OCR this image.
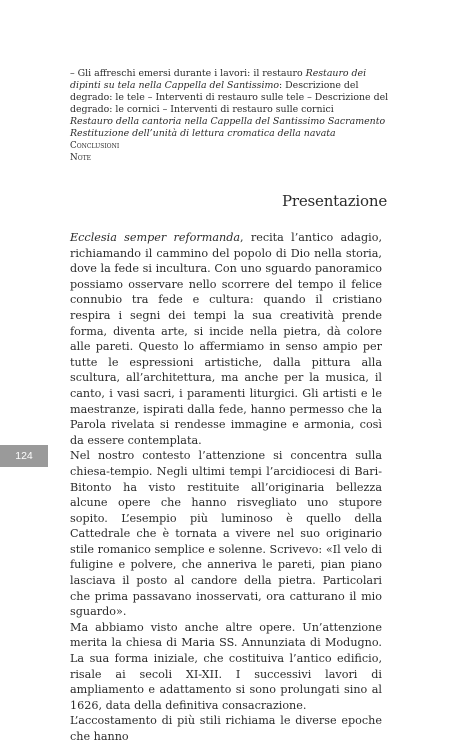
– Gli affreschi emersi durante i lavori: il restauro Restauro dei dipinti su tela nella Cappella del Santissimo: Descrizione del degrado: le tele – Interventi di restauro sulle tele – Descrizione del degrado: le cornici – Interventi di restauro sulle cornici

Restauro della cantoria nella Cappella del Santissimo Sacramento

Restituzione dell’unità di lettura cromatica della navata

Conclusioni
Note
Presentazione

Ecclesia semper reformanda, recita l’antico adagio, richiamando il cammino del popolo di Dio nella storia, dove la fede si incultura. Con uno sguardo panoramico possiamo osservare nello scorrere del tempo il felice connubio tra fede e cultura: quando il cristiano respira i segni dei tempi la sua creatività prende forma, diventa arte, si incide nella pietra, dà colore alle pareti. Questo lo affermiamo in senso ampio per tutte le espressioni artistiche, dalla pittura alla scultura, all’architettura, ma anche per la musica, il canto, i vasi sacri, i paramenti liturgici. Gli artisti e le maestranze, ispirati dalla fede, hanno permesso che la Parola rivelata si rendesse immagine e armonia, così da essere contemplata.

Nel nostro contesto l’attenzione si concentra sulla chiesa-tempio. Negli ultimi tempi l’arcidiocesi di Bari-Bitonto ha visto restituite all’originaria bellezza alcune opere che hanno risvegliato uno stupore sopito. L’esempio più luminoso è quello della Cattedrale che è tornata a vivere nel suo originario stile romanico semplice e solenne. Scrivevo: «Il velo di fuligine e polvere, che anneriva le pareti, pian piano lasciava il posto al candore della pietra. Particolari che prima passavano inosservati, ora catturano il mio sguardo».

Ma abbiamo visto anche altre opere. Un’attenzione merita la chiesa di Maria SS. Annunziata di Modugno. La sua forma iniziale, che costituiva l’antico edificio, risale ai secoli XI-XII. I successivi lavori di ampliamento e adattamento si sono prolungati sino al 1626, data della definitiva consacrazione.

L’accostamento di più stili richiama le diverse epoche che hanno

124
